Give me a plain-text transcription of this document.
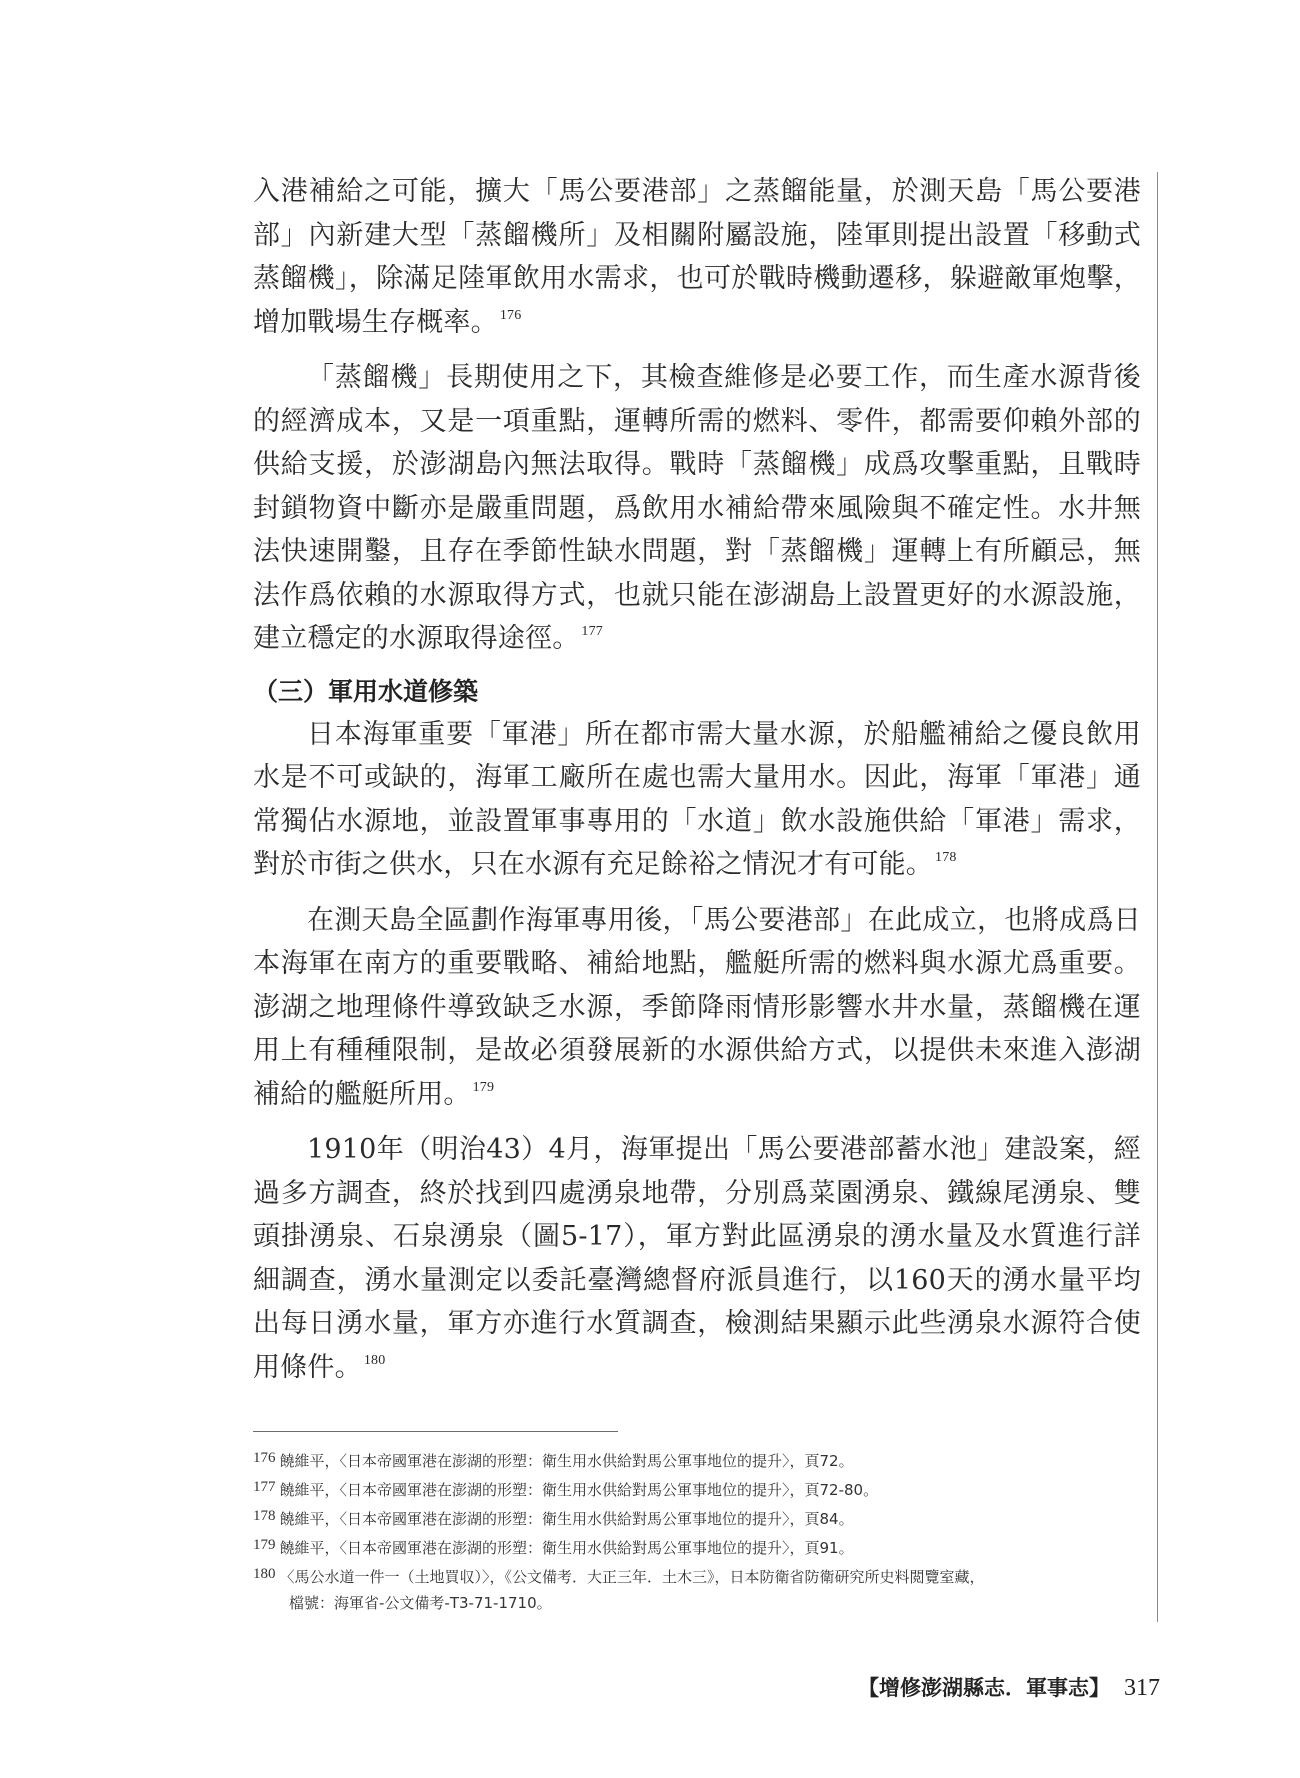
入港補給之可能，擴大「馬公要港部」之蒸餾能量，於測天島「馬公要港部」內新建大型「蒸餾機所」及相關附屬設施，陸軍則提出設置「移動式蒸餾機」，除滿足陸軍飲用水需求，也可於戰時機動遷移，躲避敵軍炮擊，增加戰場生存概率。 $^{176}$

「蒸餾機」長期使用之下，其檢查維修是必要工作，而生產水源背後的經濟成本，又是一項重點，運轉所需的燃料、零件，都需要仰賴外部的供給支援，於澎湖島內無法取得。戰時「蒸餾機」成爲攻擊重點，且戰時封鎖物資中斷亦是嚴重問題，爲飲用水補給帶來風險與不確定性。水井無法快速開鑿，且存在季節性缺水問題，對「蒸餾機」運轉上有所顧忌，無法作爲依賴的水源取得方式，也就只能在澎湖島上設置更好的水源設施，建立穩定的水源取得途徑。 $^{177}$

（三）軍用水道修築

日本海軍重要「軍港」所在都市需大量水源，於船艦補給之優良飲用水是不可或缺的，海軍工廠所在處也需大量用水。因此，海軍「軍港」通常獨佔水源地，並設置軍事專用的「水道」飲水設施供給「軍港」需求，對於市街之供水，只在水源有充足餘裕之情況才有可能。 $^{178}$

在測天島全區劃作海軍專用後，「馬公要港部」在此成立，也將成爲日本海軍在南方的重要戰略、補給地點，艦艇所需的燃料與水源尤爲重要。澎湖之地理條件導致缺乏水源，季節降雨情形影響水井水量，蒸餾機在運用上有種種限制，是故必須發展新的水源供給方式，以提供未來進入澎湖補給的艦艇所用。 $^{179}$

1910年（明治43）4月，海軍提出「馬公要港部蓄水池」建設案，經過多方調查，終於找到四處湧泉地帶，分別爲菜園湧泉、鐵線尾湧泉、雙頭掛湧泉、石泉湧泉（圖5-17），軍方對此區湧泉的湧水量及水質進行詳細調查，湧水量測定以委託臺灣總督府派員進行，以160天的湧水量平均出每日湧水量，軍方亦進行水質調查，檢測結果顯示此些湧泉水源符合使用條件。 $^{180}$

176 饒維平，〈日本帝國軍港在澎湖的形塑：衛生用水供給對馬公軍事地位的提升〉，頁72。

177 饒維平，〈日本帝國軍港在澎湖的形塑：衛生用水供給對馬公軍事地位的提升〉，頁72-80。

178 饒維平，〈日本帝國軍港在澎湖的形塑：衛生用水供給對馬公軍事地位的提升〉，頁84。

179 饒維平，〈日本帝國軍港在澎湖的形塑：衛生用水供給對馬公軍事地位的提升〉，頁91。

180 〈馬公水道一件一（土地買収）〉，《公文備考．大正三年．土木三》，日本防衛省防衛研究所史料閲覽室藏，

檔號：海軍省-公文備考-T3-71-1710。

【增修澎湖縣志．軍事志】 317
